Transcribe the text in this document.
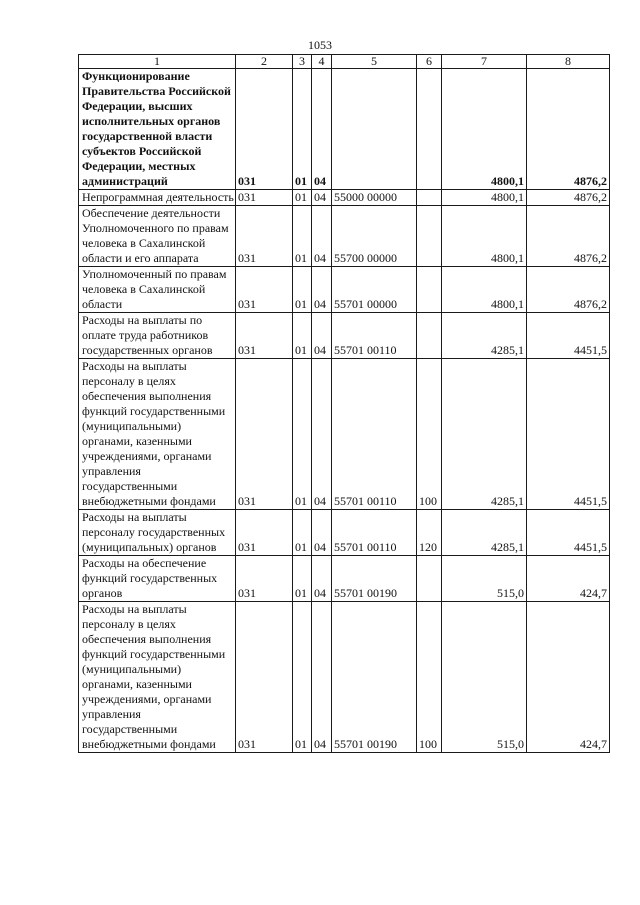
1053
1	2	3	4	5	6	7	8
Функционирование Правительства Российской Федерации, высших исполнительных органов государственной власти субъектов Российской Федерации, местных администраций	031	01	04			4800,1	4876,2
Непрограммная деятельность	031	01	04	55000 00000		4800,1	4876,2
Обеспечение деятельности Уполномоченного по правам человека в Сахалинской области и его аппарата	031	01	04	55700 00000		4800,1	4876,2
Уполномоченный по правам человека в Сахалинской области	031	01	04	55701 00000		4800,1	4876,2
Расходы на выплаты по оплате труда работников государственных органов	031	01	04	55701 00110		4285,1	4451,5
Расходы на выплаты персоналу в целях обеспечения выполнения функций государственными (муниципальными) органами, казенными учреждениями, органами управления государственными внебюджетными фондами	031	01	04	55701 00110	100	4285,1	4451,5
Расходы на выплаты персоналу государственных (муниципальных) органов	031	01	04	55701 00110	120	4285,1	4451,5
Расходы на обеспечение функций государственных органов	031	01	04	55701 00190		515,0	424,7
Расходы на выплаты персоналу в целях обеспечения выполнения функций государственными (муниципальными) органами, казенными учреждениями, органами управления государственными внебюджетными фондами	031	01	04	55701 00190	100	515,0	424,7
